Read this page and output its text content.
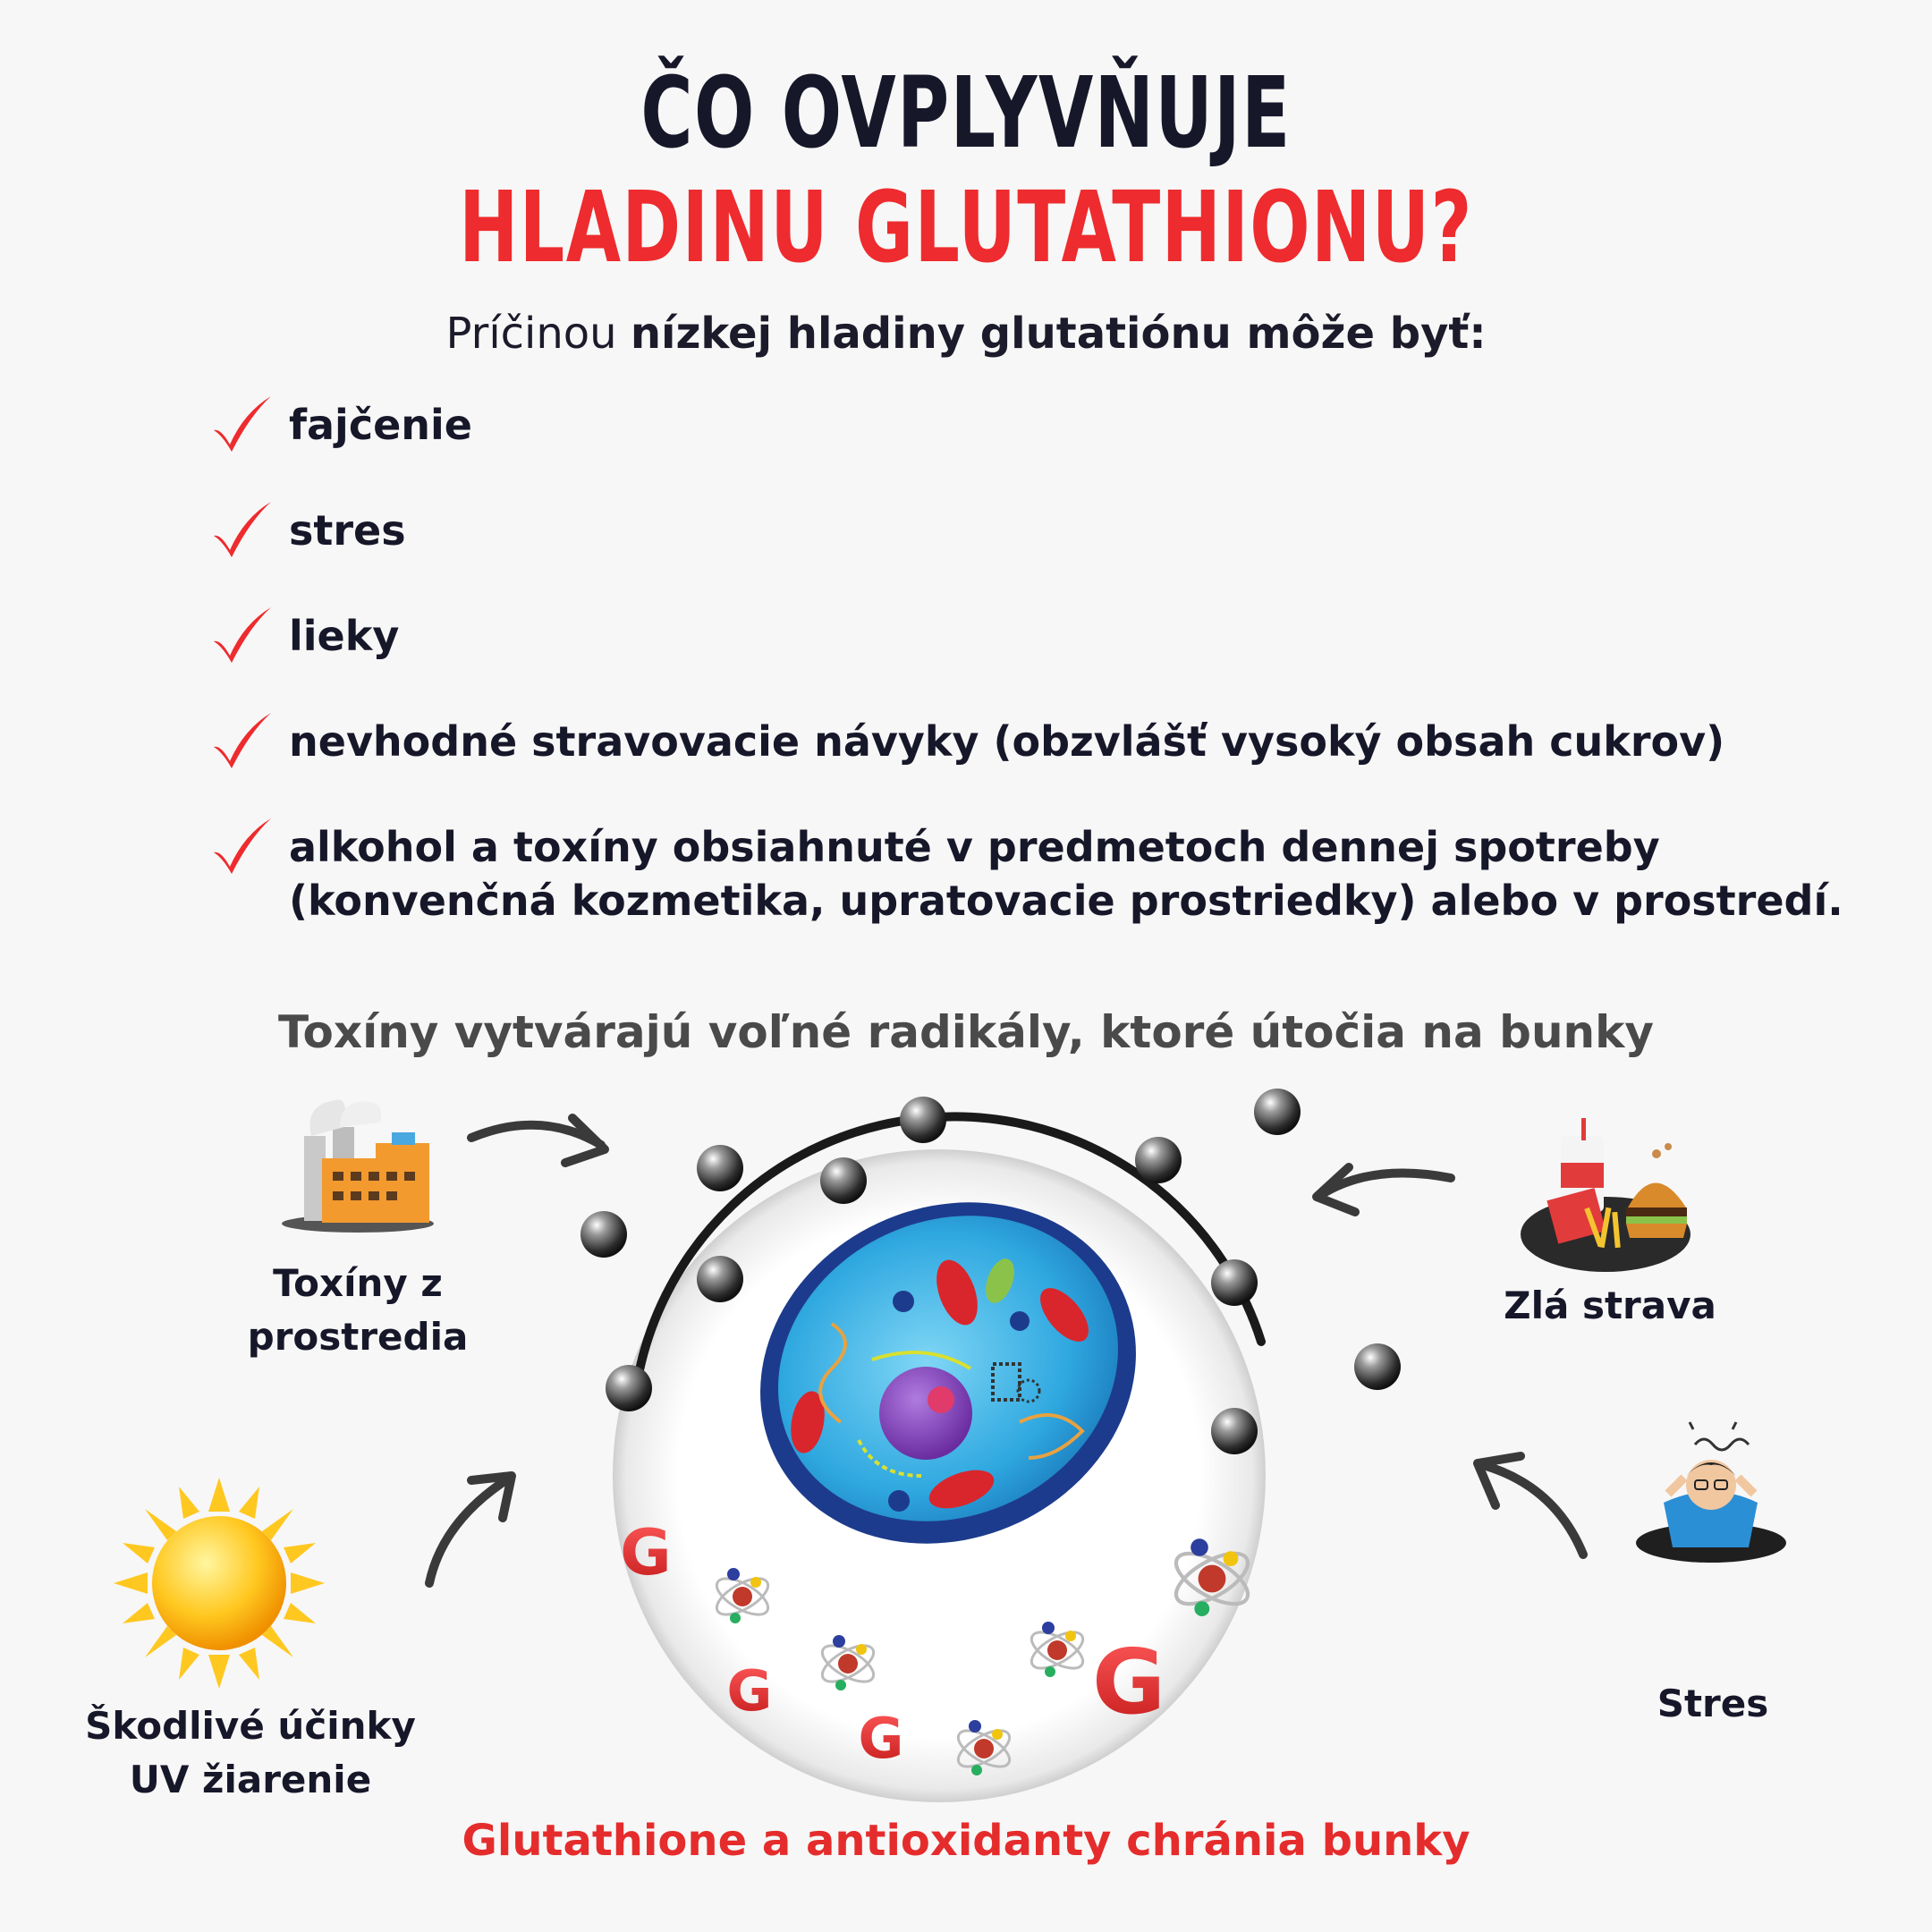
ČO OVPLYVŇUJE
HLADINU GLUTATHIONU?
Príčinou nízkej hladiny glutatiónu môže byť:
fajčenie
stres
lieky
nevhodné stravovacie návyky (obzvlášť vysoký obsah cukrov)
alkohol a toxíny obsiahnuté v predmetoch dennej spotreby
(konvenčná kozmetika, upratovacie prostriedky) alebo v prostredí.
Toxíny vytvárajú voľné radikály, ktoré útočia na bunky
G
G
G
G
Toxíny z
prostredia
Zlá strava
Škodlivé účinky
UV žiarenie
Stres
Glutathione a antioxidanty chránia bunky
